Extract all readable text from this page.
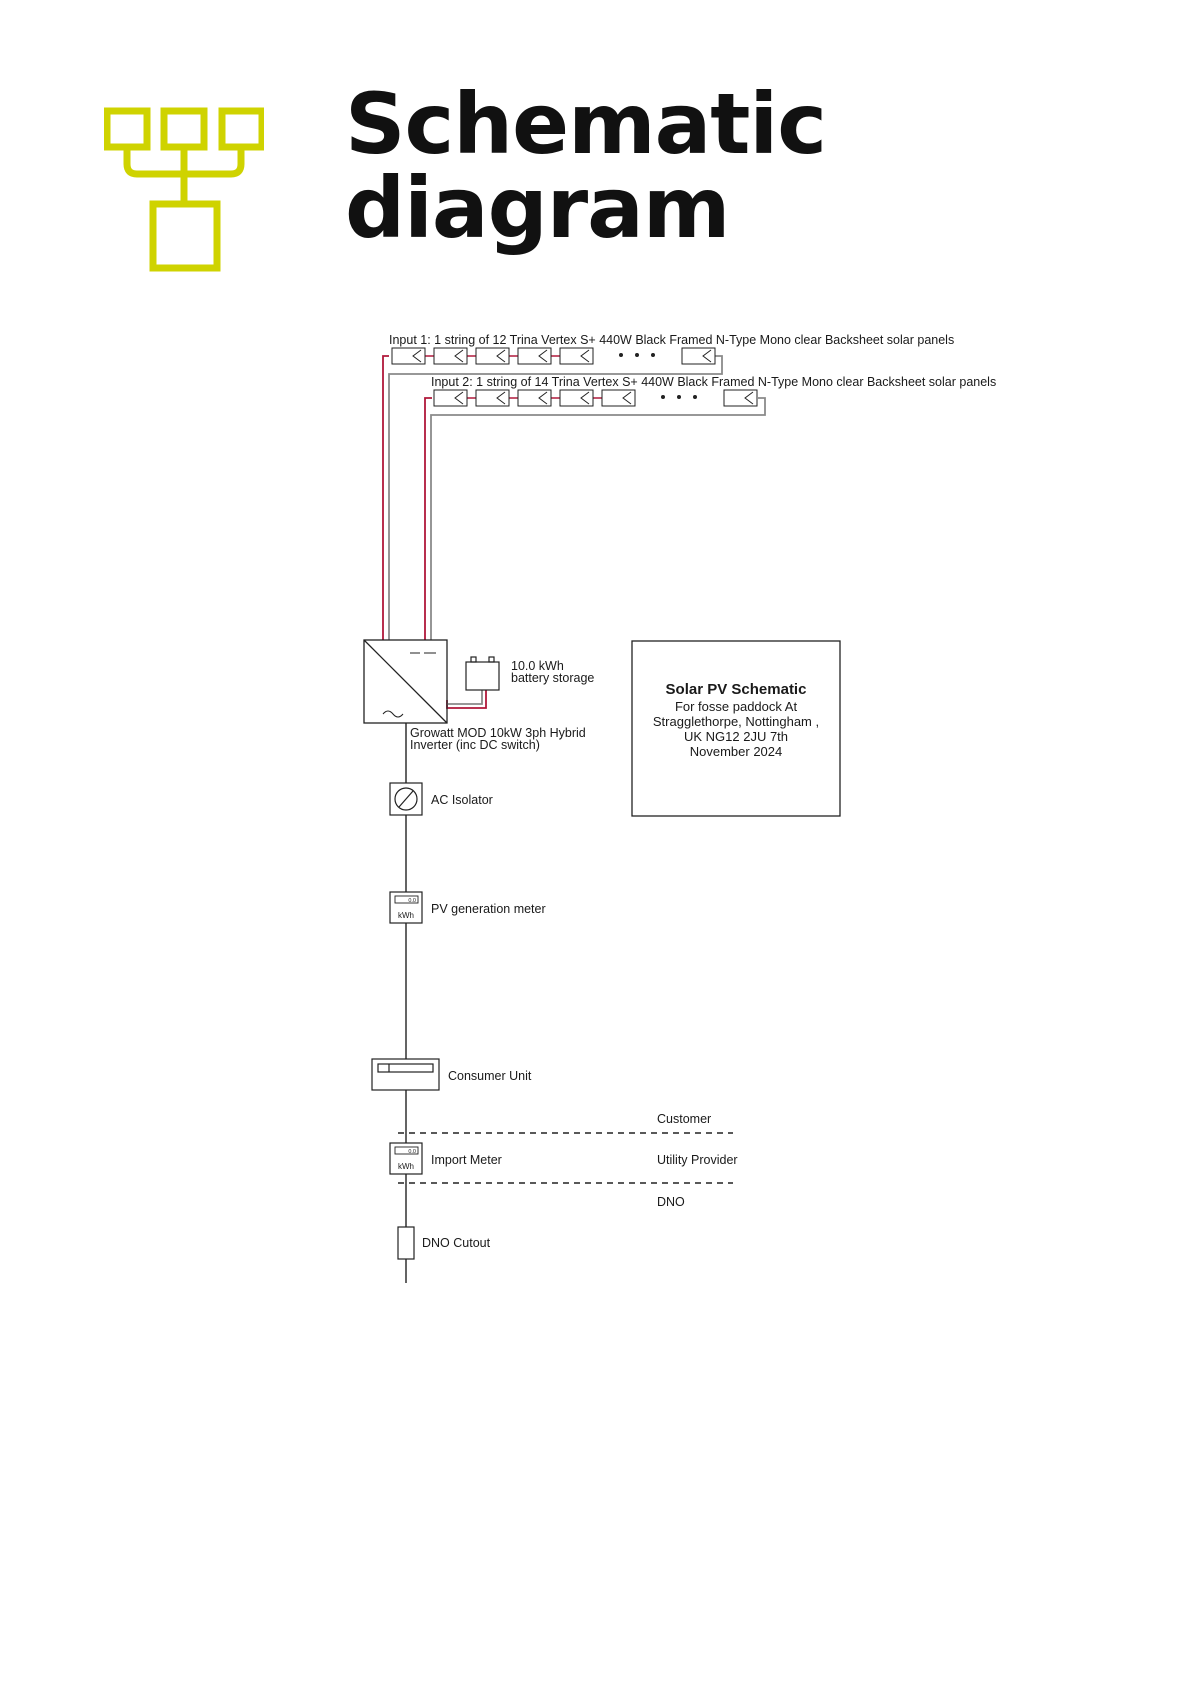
Schematic diagram
Input 1: 1 string of 12 Trina Vertex S+ 440W Black Framed N-Type Mono clear Backsheet solar panels
Input 2: 1 string of 14 Trina Vertex S+ 440W Black Framed N-Type Mono clear Backsheet solar panels
Growatt MOD 10kW 3ph Hybrid
Inverter (inc DC switch)
10.0 kWh
battery storage
Solar PV Schematic
For fosse paddock At
Stragglethorpe, Nottingham ,
UK NG12 2JU 7th
November 2024
AC Isolator
0.0
kWh PV generation meter
Consumer Unit
Customer
Utility Provider
DNO
0.0
kWh Import Meter
DNO Cutout
